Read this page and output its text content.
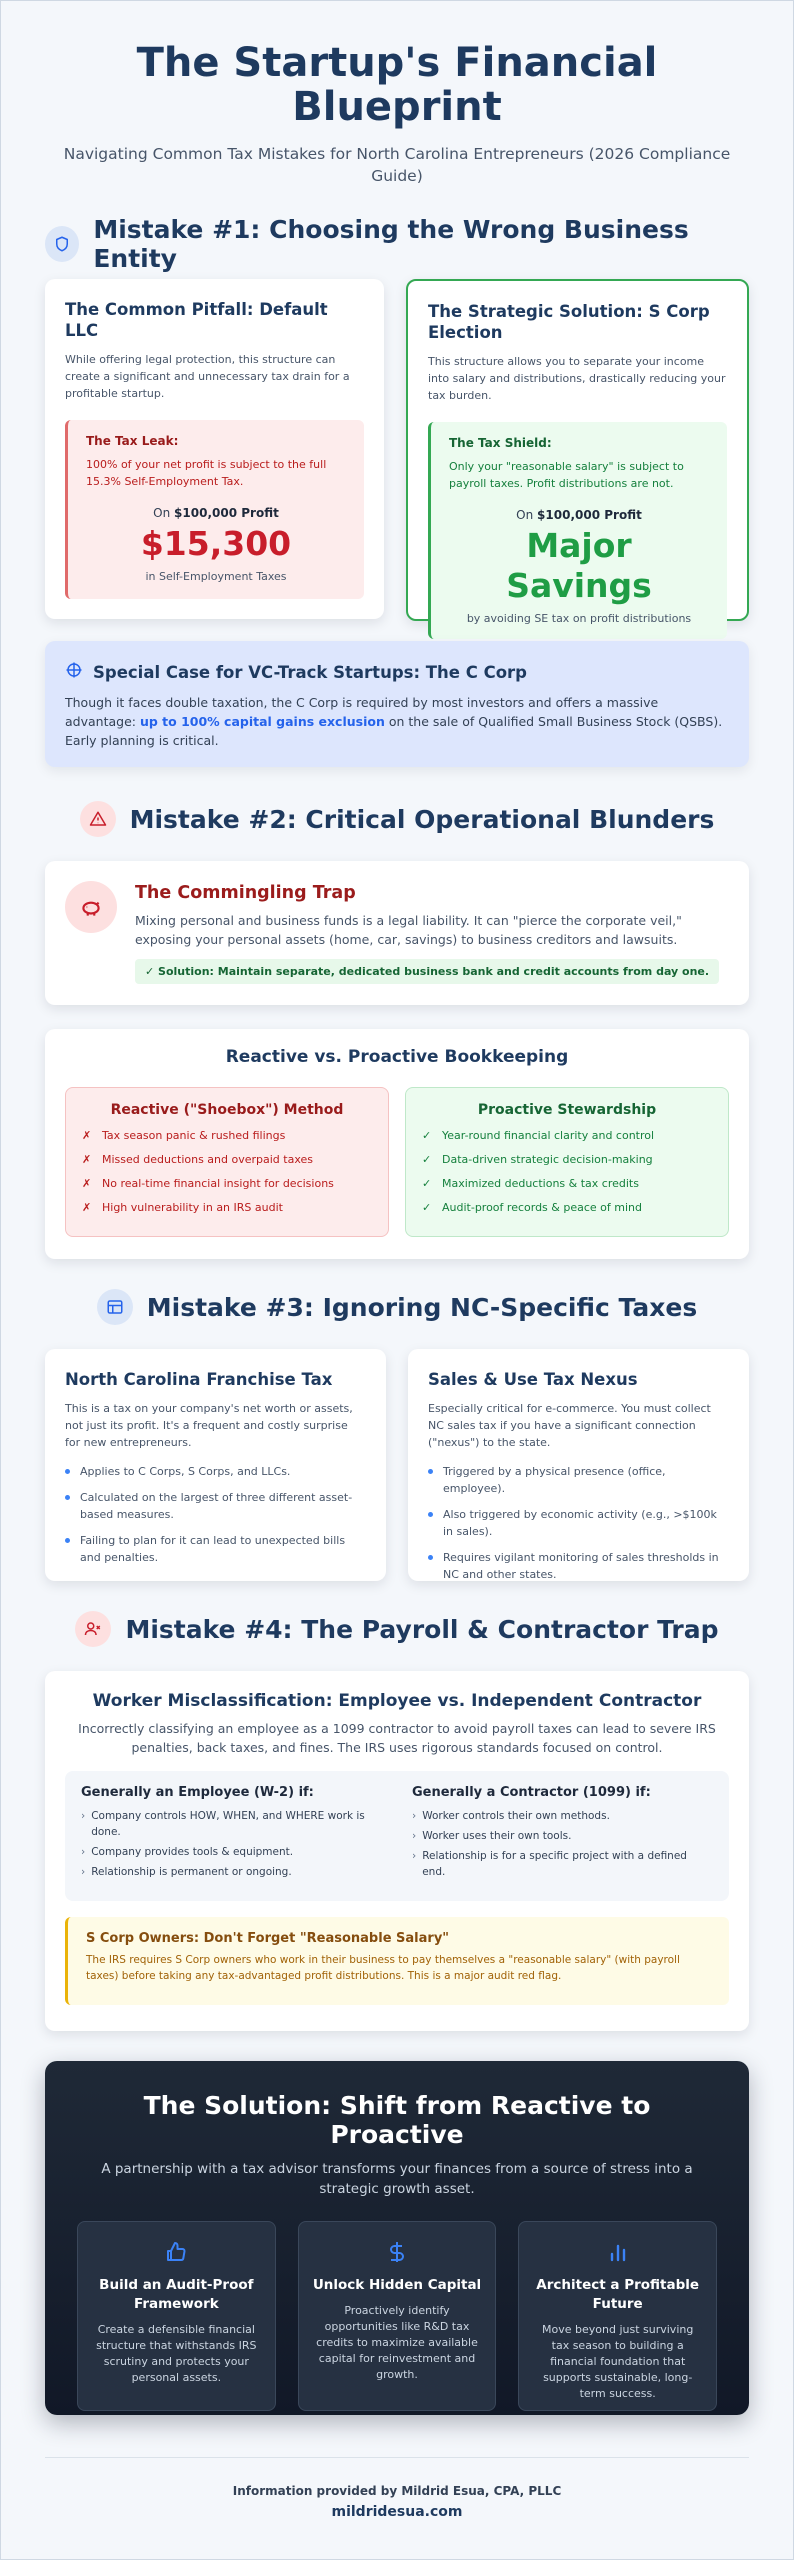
The Startup's Financial Blueprint

Navigating Common Tax Mistakes for North Carolina Entrepreneurs (2026 Compliance Guide)

Mistake #1: Choosing the Wrong Business Entity
The Common Pitfall: Default LLC

While offering legal protection, this structure can create a significant and unnecessary tax drain for a profitable startup.

The Tax Leak:
100% of your net profit is subject to the full 15.3% Self-Employment Tax.
On $100,000 Profit
$15,300
in Self-Employment Taxes
The Strategic Solution: S Corp Election

This structure allows you to separate your income into salary and distributions, drastically reducing your tax burden.

The Tax Shield:
Only your "reasonable salary" is subject to payroll taxes. Profit distributions are not.
On $100,000 Profit
Major Savings
by avoiding SE tax on profit distributions
Special Case for VC-Track Startups: The C Corp

Though it faces double taxation, the C Corp is required by most investors and offers a massive advantage: up to 100% capital gains exclusion on the sale of Qualified Small Business Stock (QSBS). Early planning is critical.

Mistake #2: Critical Operational Blunders
The Commingling Trap

Mixing personal and business funds is a legal liability. It can "pierce the corporate veil," exposing your personal assets (home, car, savings) to business creditors and lawsuits.

✓ Solution: Maintain separate, dedicated business bank and credit accounts from day one.
Reactive vs. Proactive Bookkeeping
Reactive ("Shoebox") Method
✗ Tax season panic & rushed filings
✗ Missed deductions and overpaid taxes
✗ No real-time financial insight for decisions
✗ High vulnerability in an IRS audit
Proactive Stewardship
✓ Year-round financial clarity and control
✓ Data-driven strategic decision-making
✓ Maximized deductions & tax credits
✓ Audit-proof records & peace of mind
Mistake #3: Ignoring NC-Specific Taxes
North Carolina Franchise Tax

This is a tax on your company's net worth or assets, not just its profit. It's a frequent and costly surprise for new entrepreneurs.

Applies to C Corps, S Corps, and LLCs.
Calculated on the largest of three different asset-based measures.
Failing to plan for it can lead to unexpected bills and penalties.
Sales & Use Tax Nexus

Especially critical for e-commerce. You must collect NC sales tax if you have a significant connection ("nexus") to the state.

Triggered by a physical presence (office, employee).
Also triggered by economic activity (e.g., >$100k in sales).
Requires vigilant monitoring of sales thresholds in NC and other states.
Mistake #4: The Payroll & Contractor Trap
Worker Misclassification: Employee vs. Independent Contractor

Incorrectly classifying an employee as a 1099 contractor to avoid payroll taxes can lead to severe IRS penalties, back taxes, and fines. The IRS uses rigorous standards focused on control.

Generally an Employee (W-2) if:
› Company controls HOW, WHEN, and WHERE work is done.
› Company provides tools & equipment.
› Relationship is permanent or ongoing.
Generally a Contractor (1099) if:
› Worker controls their own methods.
› Worker uses their own tools.
› Relationship is for a specific project with a defined end.
S Corp Owners: Don't Forget "Reasonable Salary"

The IRS requires S Corp owners who work in their business to pay themselves a "reasonable salary" (with payroll taxes) before taking any tax-advantaged profit distributions. This is a major audit red flag.

The Solution: Shift from Reactive to Proactive

A partnership with a tax advisor transforms your finances from a source of stress into a strategic growth asset.

Build an Audit-Proof Framework

Create a defensible financial structure that withstands IRS scrutiny and protects your personal assets.

Unlock Hidden Capital

Proactively identify opportunities like R&D tax credits to maximize available capital for reinvestment and growth.

Architect a Profitable Future

Move beyond just surviving tax season to building a financial foundation that supports sustainable, long-term success.

Information provided by Mildrid Esua, CPA, PLLC
mildridesua.com
